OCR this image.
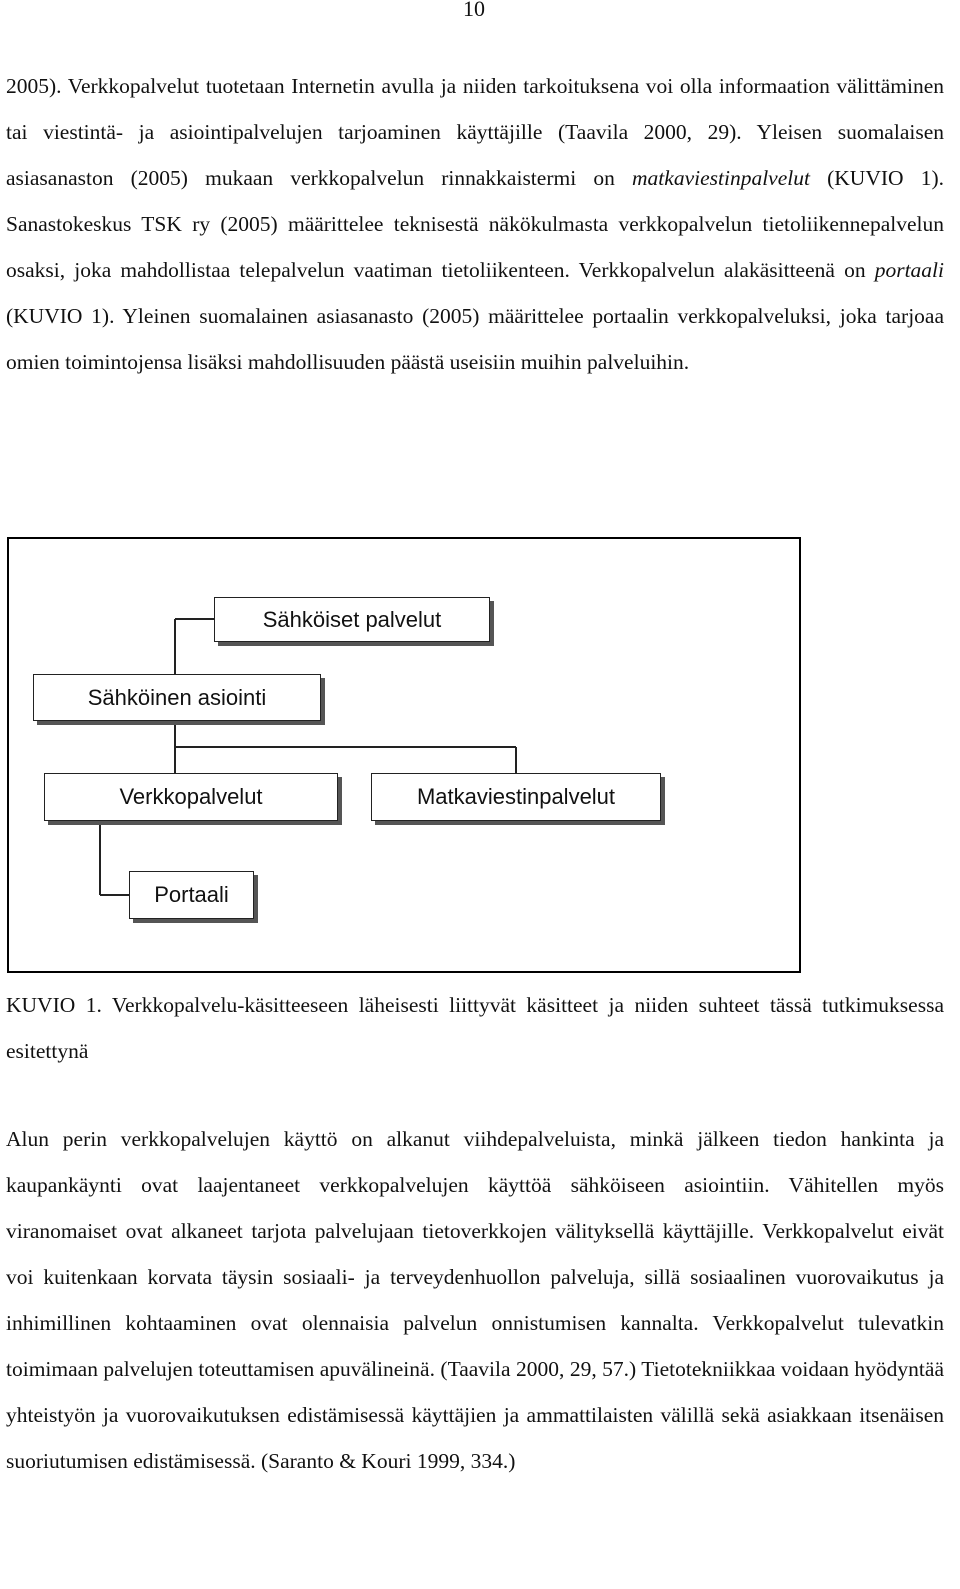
10

2005). Verkkopalvelut tuotetaan Internetin avulla ja niiden tarkoituksena voi olla informaation välittäminen tai viestintä- ja asiointipalvelujen tarjoaminen käyttäjille (Taavila 2000, 29). Yleisen suomalaisen asiasanaston (2005) mukaan verkkopalvelun rinnakkaistermi on matkaviestinpalvelut (KUVIO 1). Sanastokeskus TSK ry (2005) määrittelee teknisestä näkökulmasta verkkopalvelun tietoliikennepalvelun osaksi, joka mahdollistaa telepalvelun vaatiman tietoliikenteen. Verkkopalvelun alakäsitteenä on portaali (KUVIO 1). Yleinen suomalainen asiasanasto (2005) määrittelee portaalin verkkopalveluksi, joka tarjoaa omien toimintojensa lisäksi mahdollisuuden päästä useisiin muihin palveluihin.

Sähköiset palvelut
Sähköinen asiointi
Verkkopalvelut	Matkaviestinpalvelut
Portaali

KUVIO 1. Verkkopalvelu-käsitteeseen läheisesti liittyvät käsitteet ja niiden suhteet tässä tutkimuksessa esitettynä

Alun perin verkkopalvelujen käyttö on alkanut viihdepalveluista, minkä jälkeen tiedon hankinta ja kaupankäynti ovat laajentaneet verkkopalvelujen käyttöä sähköiseen asiointiin. Vähitellen myös viranomaiset ovat alkaneet tarjota palvelujaan tietoverkkojen välityksellä käyttäjille. Verkkopalvelut eivät voi kuitenkaan korvata täysin sosiaali- ja terveydenhuollon palveluja, sillä sosiaalinen vuorovaikutus ja inhimillinen kohtaaminen ovat olennaisia palvelun onnistumisen kannalta. Verkkopalvelut tulevatkin toimimaan palvelujen toteuttamisen apuvälineinä. (Taavila 2000, 29, 57.) Tietotekniikkaa voidaan hyödyntää yhteistyön ja vuorovaikutuksen edistämisessä käyttäjien ja ammattilaisten välillä sekä asiakkaan itsenäisen suoriutumisen edistämisessä. (Saranto & Kouri 1999, 334.)
